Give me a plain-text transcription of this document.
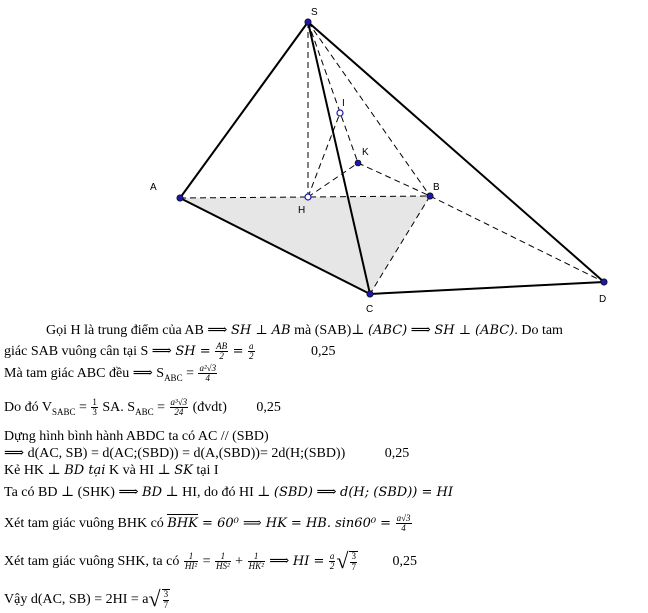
S
I
K
A
H
B
C
D
Gọi H là trung điểm của AB ⟹ SH ⊥ AB mà (SAB)⊥ (ABC) ⟹ SH ⊥ (ABC). Do tam
giác SAB vuông cân tại S ⟹ SH = $\frac{AB}{2} = \frac{a}{2}$	0,25
Mà tam giác ABC đều ⟹ $S_{ABC} = \frac{\text{a²√3}}{4}$
Do đó $V_{SABC} = \frac{1}{3}$ SA. $S_{ABC} = \frac{\text{a³√3}}{24}$ (đvdt) 0,25
Dựng hình bình hành ABDC ta có AC // (SBD)
⟹ d(AC, SB) = d(AC;(SBD)) = d(A,(SBD))= 2d(H;(SBD))	0,25
Kẻ HK ⊥ BD tại K và HI ⊥ SK tại I
Ta có BD ⊥ (SHK) ⟹ BD ⊥ HI, do đó HI ⊥ (SBD) ⟹ d(H; (SBD)) = HI
Xét tam giác vuông BHK có BHK = 60⁰ ⟹ HK = HB. $\sin 60^0 = \frac{a√3}{4}$
Xét tam giác vuông SHK, ta có $\frac{1}{\text{HI²}} = \frac{1}{\text{HS²}} + \frac{1}{\text{HK²}}$ ⟹ HI = $\frac{a}{2}$ √ $\frac{3}{7} 0,25$
Vậy d(AC, $SB) = 2HI = a√ \frac{3}{7}$
